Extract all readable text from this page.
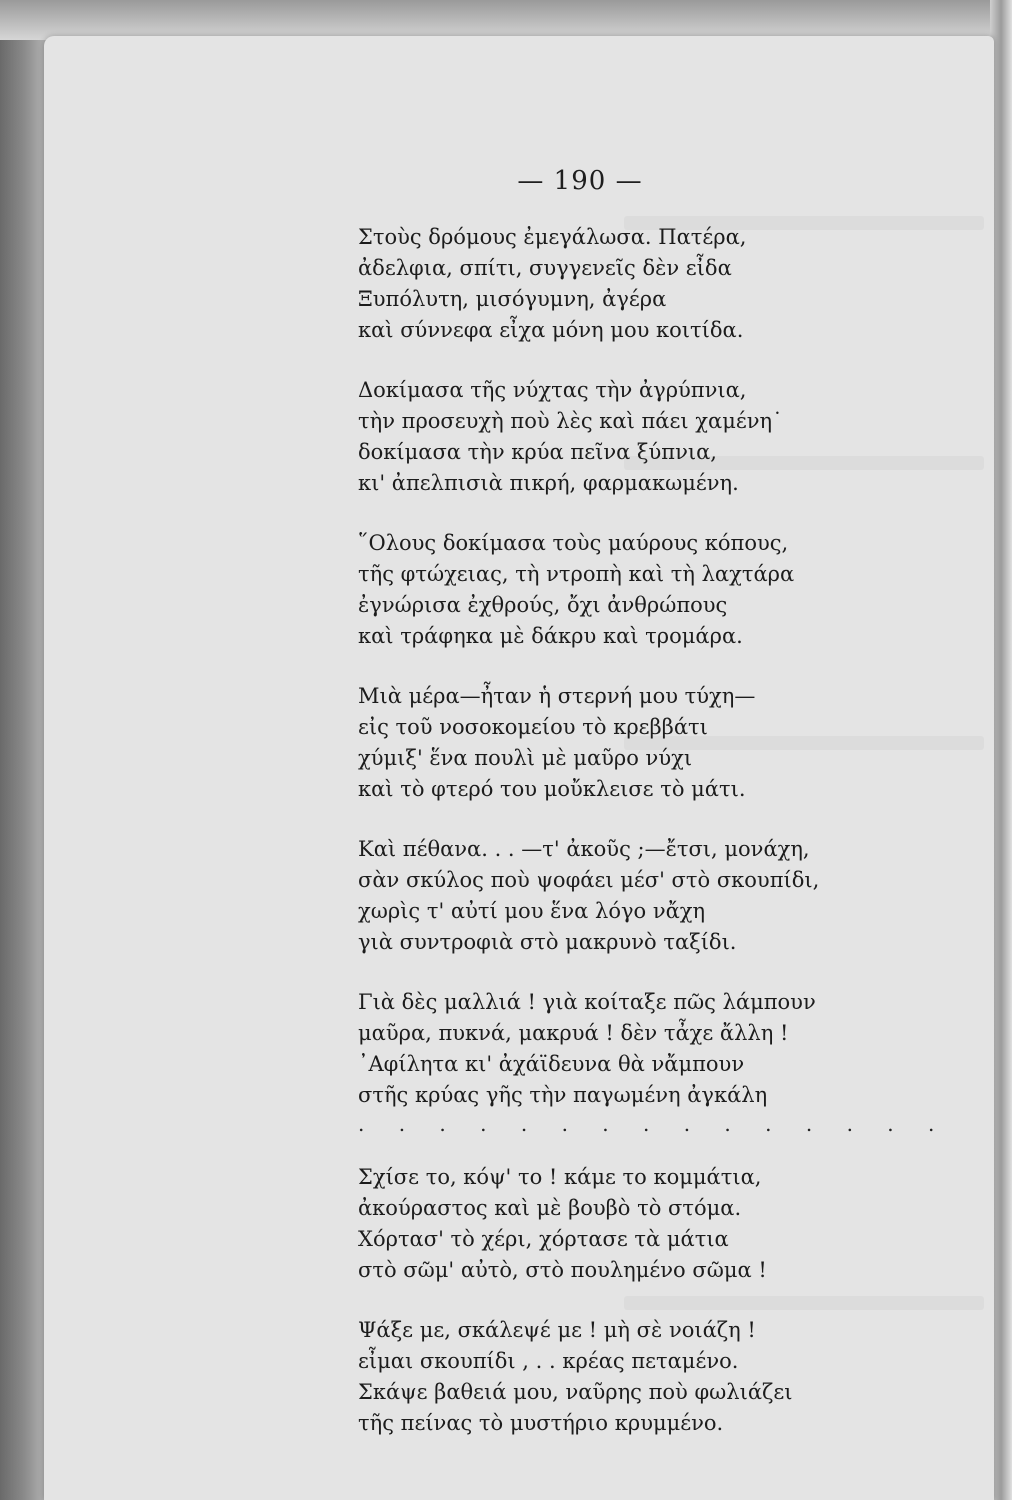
— 190 —
Στοὺς δρόμους ἐμεγάλωσα. Πατέρα,
ἀδελφια, σπίτι, συγγενεῖς δὲν εἶδα
Ξυπόλυτη, μισόγυμνη, ἀγέρα
καὶ σύννεφα εἶχα μόνη μου κοιτίδα.
Δοκίμασα τῆς νύχτας τὴν ἀγρύπνια,
τὴν προσευχὴ ποὺ λὲς καὶ πάει χαμένη˙
δοκίμασα τὴν κρύα πεῖνα ξύπνια,
κι' ἀπελπισιὰ πικρή, φαρμακωμένη.
῞Ολους δοκίμασα τοὺς μαύρους κόπους,
τῆς φτώχειας, τὴ ντροπὴ καὶ τὴ λαχτάρα
ἐγνώρισα ἐχθρούς, ὄχι ἀνθρώπους
καὶ τράφηκα μὲ δάκρυ καὶ τρομάρα.
Μιὰ μέρα—ἦταν ἡ στερνή μου τύχη—
εἰς τοῦ νοσοκομείου τὸ κρεββάτι
χύμιξ' ἕνα πουλὶ μὲ μαῦρο νύχι
καὶ τὸ φτερό του μοὔκλεισε τὸ μάτι.
Καὶ πέθανα. . . —τ' ἀκοῦς ;—ἔτσι, μονάχη,
σὰν σκύλος ποὺ ψοφάει μέσ' στὸ σκουπίδι,
χωρὶς τ' αὐτί μου ἕνα λόγο νἄχη
γιὰ συντροφιὰ στὸ μακρυνὸ ταξίδι.
Γιὰ δὲς μαλλιά ! γιὰ κοίταξε πῶς λάμπουν
μαῦρα, πυκνά, μακρυά ! δὲν τἆχε ἄλλη !
᾿Αφίλητα κι' ἀχάϊδευνα θὰ νἄμπουν
στῆς κρύας γῆς τὴν παγωμένη ἀγκάλη
. . . . . . . . . . . . . . .
Σχίσε το, κόψ' το ! κάμε το κομμάτια,
ἀκούραστος καὶ μὲ βουβὸ τὸ στόμα.
Χόρτασ' τὸ χέρι, χόρτασε τὰ μάτια
στὸ σῶμ' αὐτὸ, στὸ πουλημένο σῶμα !
Ψάξε με, σκάλεψέ με ! μὴ σὲ νοιάζη !
εἶμαι σκουπίδι , . . κρέας πεταμένο.
Σκάψε βαθειά μου, ναῦρης ποὺ φωλιάζει
τῆς πείνας τὸ μυστήριο κρυμμένο.
